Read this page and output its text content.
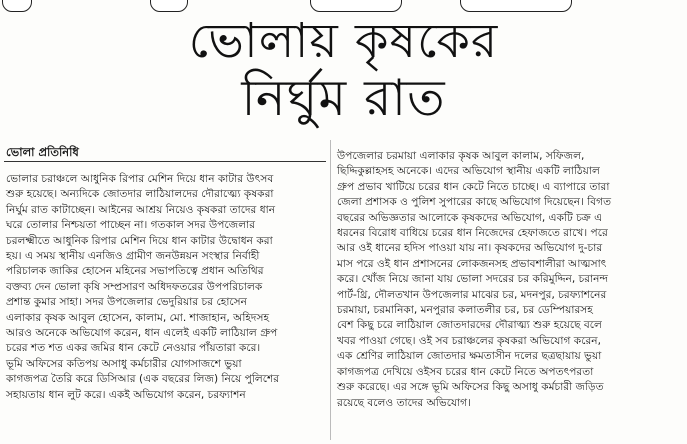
ভোলায় কৃষকের
নির্ঘুম রাত
ভোলা প্রতিনিধি
ভোলার চরাঞ্চলে আধুনিক রিপার মেশিন দিয়ে ধান কাটার উৎসব
শুরু হয়েছে। অন্যদিকে জোতদার লাঠিয়ালদের দৌরাত্ম্যে কৃষকরা
নির্ঘুম রাত কাটাচ্ছেন। আইনের আশ্রয় নিয়েও কৃষকরা তাদের ধান
ঘরে তোলার নিশ্চয়তা পাচ্ছেন না। গতকাল সদর উপজেলার
চরলক্ষ্মীতে আধুনিক রিপার মেশিন দিয়ে ধান কাটার উদ্বোধন করা
হয়। এ সময় স্থানীয় এনজিও গ্রামীণ জনউন্নয়ন সংস্থার নির্বাহী
পরিচালক জাকির হোসেন মহিনের সভাপতিত্বে প্রধান অতিথির
বক্তব্য দেন ভোলা কৃষি সম্প্রসারণ অধিদফতরের উপপরিচালক
প্রশান্ত কুমার সাহা। সদর উপজেলার ভেদুরিয়ার চর হোসেন
এলাকার কৃষক আবুল হোসেন, কালাম, মো. শাজাহান, অহিদসহ
আরও অনেকে অভিযোগ করেন, ধান এলেই একটি লাঠিয়াল গ্রুপ
চরের শত শত একর জমির ধান কেটে নেওয়ার পাঁয়তারা করে।
ভূমি অফিসের কতিপয় অসাধু কর্মচারীর যোগসাজশে ভুয়া
কাগজপত্র তৈরি করে ডিসিআর (এক বছরের লিজ) নিয়ে পুলিশের
সহায়তায় ধান লুট করে। একই অভিযোগ করেন, চরফ্যাশন
উপজেলার চরমায়া এলাকার কৃষক আবুল কালাম, সফিজল,
ছিদ্দিকুল্লাহসহ অনেকে। এদের অভিযোগ স্থানীয় একটি লাঠিয়াল
গ্রুপ প্রভাব খাটিয়ে চরের ধান কেটে নিতে চাচ্ছে। এ ব্যাপারে তারা
জেলা প্রশাসক ও পুলিশ সুপারের কাছে অভিযোগ দিয়েছেন। বিগত
বছরের অভিজ্ঞতার আলোকে কৃষকদের অভিযোগ, একটি চক্র এ
ধরনের বিরোধ বাধিয়ে চরের ধান নিজেদের হেফাজতে রাখে। পরে
আর ওই ধানের হদিস পাওয়া যায় না। কৃষকদের অভিযোগ দু-চার
মাস পরে ওই ধান প্রশাসনের লোকজনসহ প্রভাবশালীরা আত্মসাৎ
করে। খোঁজ নিয়ে জানা যায় ভোলা সদরের চর করিমুদ্দিন, চরানন্দ
পার্ট-থ্রি, দৌলতখান উপজেলার মাঝের চর, মদনপুর, চরফ্যাশনের
চরমায়া, চরমানিকা, মনপুরার কলাতলীর চর, চর ডেম্পিয়ারসহ
বেশ কিছু চরে লাঠিয়াল জোতদারদের দৌরাত্ম্য শুরু হয়েছে বলে
খবর পাওয়া গেছে। ওই সব চরাঞ্চলের কৃষকরা অভিযোগ করেন,
এক শ্রেণির লাঠিয়াল জোতদার ক্ষমতাসীন দলের ছত্রছায়ায় ভুয়া
কাগজপত্র দেখিয়ে ওইসব চরের ধান কেটে নিতে অপতৎপরতা
শুরু করেছে। এর সঙ্গে ভূমি অফিসের কিছু অসাধু কর্মচারী জড়িত
রয়েছে বলেও তাদের অভিযোগ।
